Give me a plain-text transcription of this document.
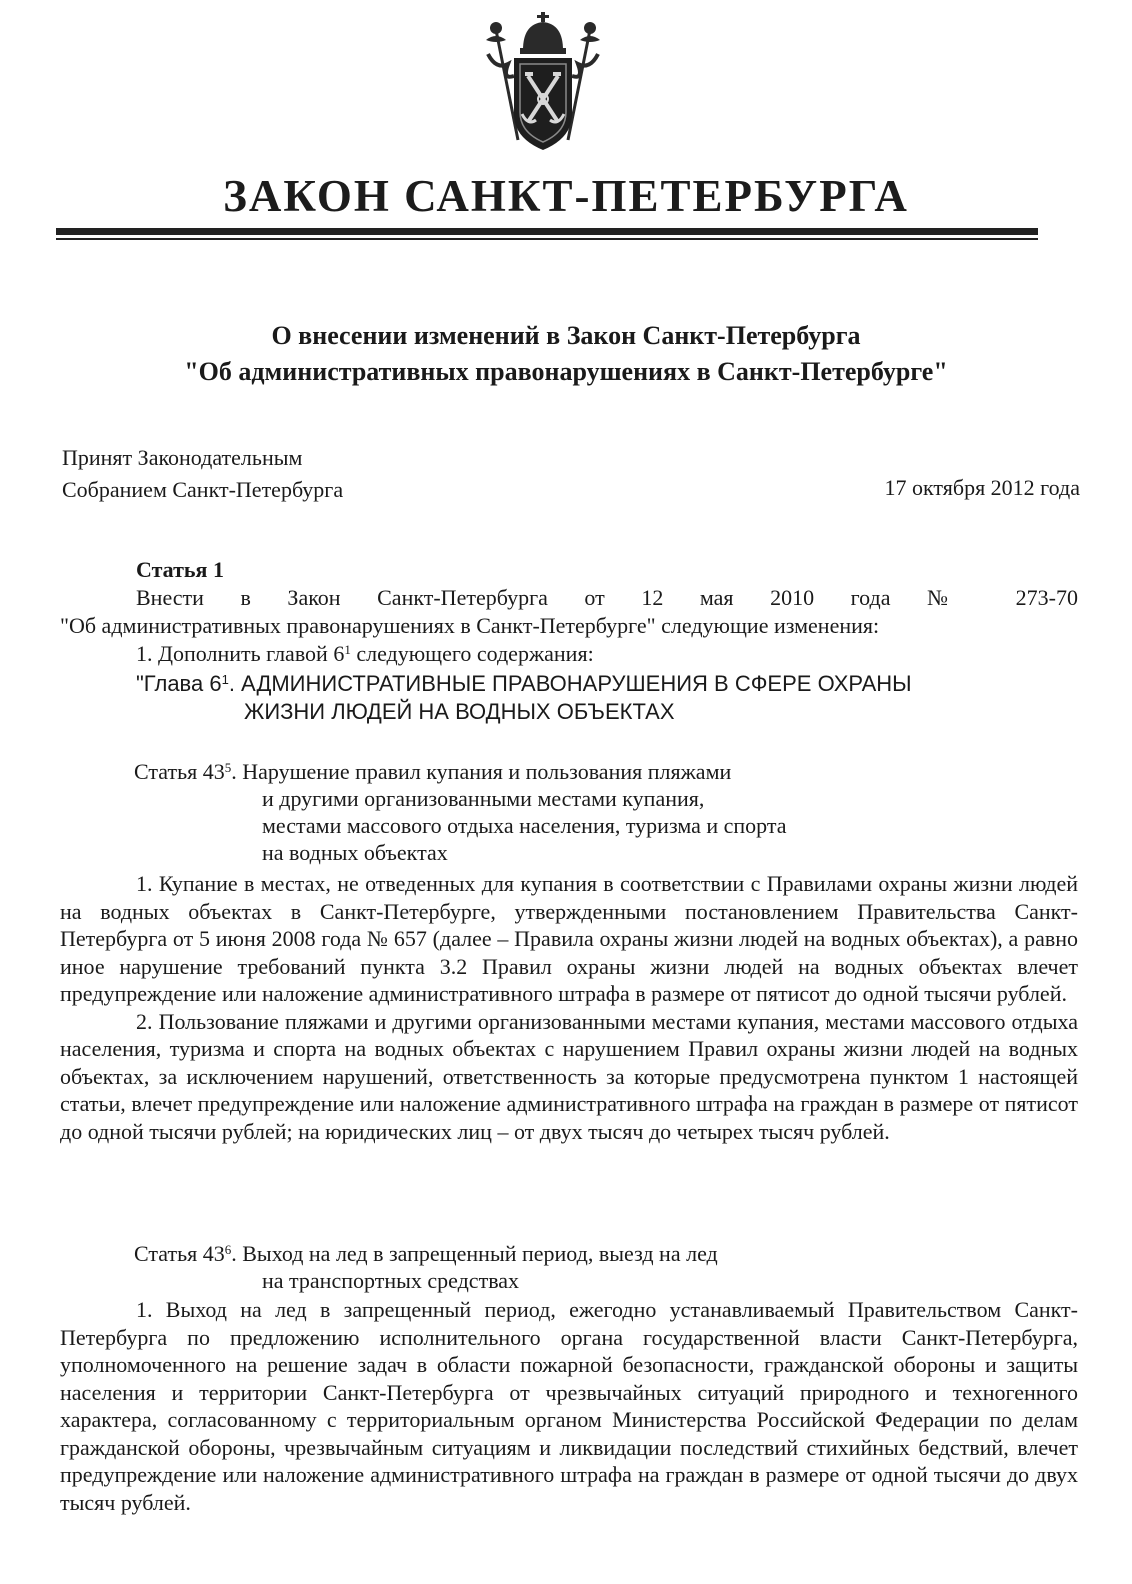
ЗАКОН САНКТ-ПЕТЕРБУРГА
О внесении изменений в Закон Санкт-Петербурга
"Об административных правонарушениях в Санкт-Петербурге"
Принят Законодательным
Собранием Санкт-Петербурга	17 октября 2012 года
Статья 1

Внести в Закон Санкт-Петербурга от 12 мая 2010 года № 273-70

"Об административных правонарушениях в Санкт-Петербурге" следующие изменения:

1. Дополнить главой $6^1$ следующего содержания:
"Глава $6^1$. АДМИНИСТРАТИВНЫЕ ПРАВОНАРУШЕНИЯ В СФЕРЕ ОХРАНЫ
ЖИЗНИ ЛЮДЕЙ НА ВОДНЫХ ОБЪЕКТАХ
Статья $43^5$. Нарушение правил купания и пользования пляжами
и другими организованными местами купания,
местами массового отдыха населения, туризма и спорта
на водных объектах

1. Купание в местах, не отведенных для купания в соответствии с Правилами охраны жизни людей на водных объектах в Санкт-Петербурге, утвержденными постановлением Правительства Санкт-Петербурга от 5 июня 2008 года № 657 (далее – Правила охраны жизни людей на водных объектах), а равно иное нарушение требований пункта 3.2 Правил охраны жизни людей на водных объектах влечет предупреждение или наложение административного штрафа в размере от пятисот до одной тысячи рублей.

2. Пользование пляжами и другими организованными местами купания, местами массового отдыха населения, туризма и спорта на водных объектах с нарушением Правил охраны жизни людей на водных объектах, за исключением нарушений, ответственность за которые предусмотрена пунктом 1 настоящей статьи, влечет предупреждение или наложение административного штрафа на граждан в размере от пятисот до одной тысячи рублей; на юридических лиц – от двух тысяч до четырех тысяч рублей.

Статья $43^6$. Выход на лед в запрещенный период, выезд на лед
на транспортных средствах

1. Выход на лед в запрещенный период, ежегодно устанавливаемый Правительством Санкт-Петербурга по предложению исполнительного органа государственной власти Санкт-Петербурга, уполномоченного на решение задач в области пожарной безопасности, гражданской обороны и защиты населения и территории Санкт-Петербурга от чрезвычайных ситуаций природного и техногенного характера, согласованному с территориальным органом Министерства Российской Федерации по делам гражданской обороны, чрезвычайным ситуациям и ликвидации последствий стихийных бедствий, влечет предупреждение или наложение административного штрафа на граждан в размере от одной тысячи до двух тысяч рублей.
